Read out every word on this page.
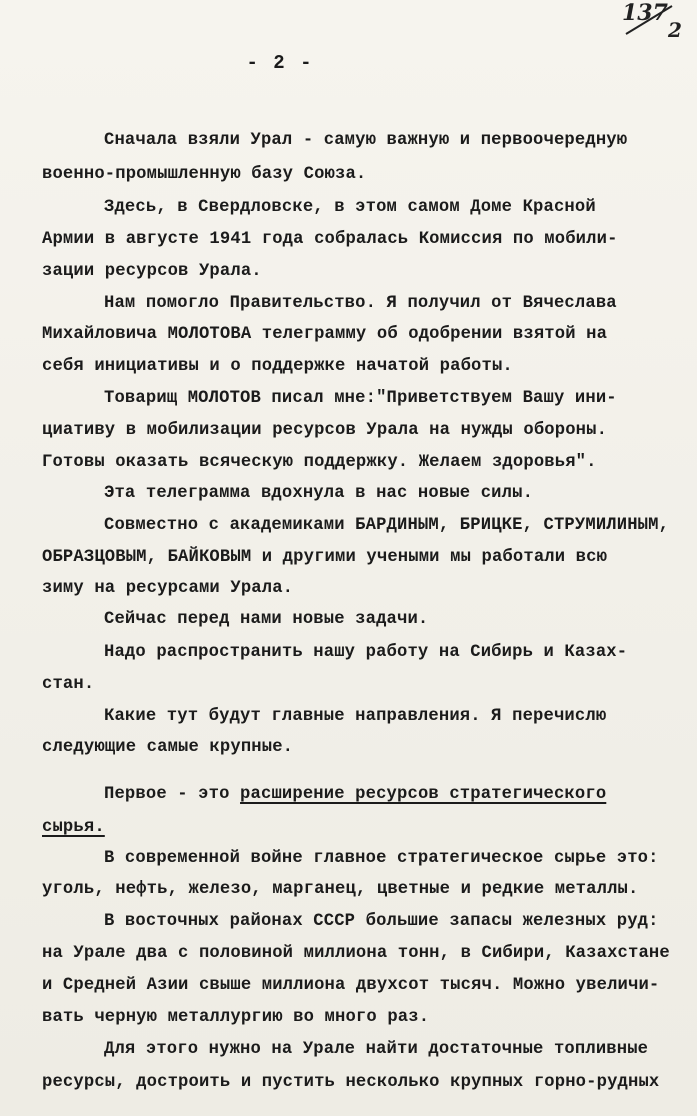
137
2
- 2 -
Сначала взяли Урал - самую важную и первоочередную
военно-промышленную базу Союза.
Здесь, в Свердловске, в этом самом Доме Красной
Армии в августе 1941 года собралась Комиссия по мобили-
зации ресурсов Урала.
Нам помогло Правительство. Я получил от Вячеслава
Михайловича МОЛОТОВА телеграмму об одобрении взятой на
себя инициативы и о поддержке начатой работы.
Товарищ МОЛОТОВ писал мне:"Приветствуем Вашу ини-
циативу в мобилизации ресурсов Урала на нужды обороны.
Готовы оказать всяческую поддержку. Желаем здоровья".
Эта телеграмма вдохнула в нас новые силы.
Совместно с академиками БАРДИНЫМ, БРИЦКЕ, СТРУМИЛИНЫМ,
ОБРАЗЦОВЫМ, БАЙКОВЫМ и другими учеными мы работали всю
зиму на ресурсами Урала.
Сейчас перед нами новые задачи.
Надо распространить нашу работу на Сибирь и Казах-
стан.
Какие тут будут главные направления. Я перечислю
следующие самые крупные.
Первое - это расширение ресурсов стратегического
сырья.
В современной войне главное стратегическое сырье это:
уголь, нефть, железо, марганец, цветные и редкие металлы.
В восточных районах СССР большие запасы железных руд:
на Урале два с половиной миллиона тонн, в Сибири, Казахстане
и Средней Азии свыше миллиона двухсот тысяч. Можно увеличи-
вать черную металлургию во много раз.
Для этого нужно на Урале найти достаточные топливные
ресурсы, достроить и пустить несколько крупных горно-рудных
